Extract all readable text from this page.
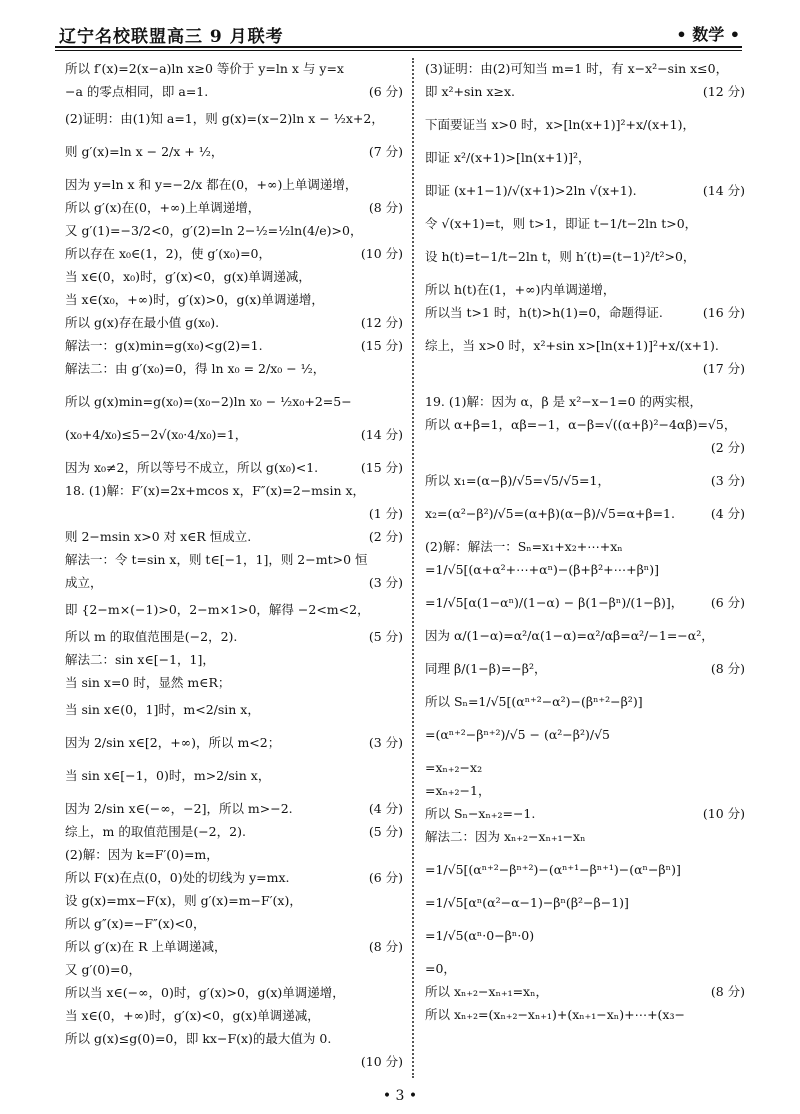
辽宁名校联盟高三 9 月联考	• 数学 •
所以 f′(x)=2(x−a)ln x≥0 等价于 y=ln x 与 y=x
−a 的零点相同，即 a=1.	(6 分)
(2)证明：由(1)知 a=1，则 g(x)=(x−2)ln x − ½x+2，
则 g′(x)=ln x − 2/x + ½，	(7 分)
因为 y=ln x 和 y=−2/x 都在(0，+∞)上单调递增，
所以 g′(x)在(0，+∞)上单调递增，	(8 分)
又 g′(1)=−3/2<0，g′(2)=ln 2−½=½ln(4/e)>0，
所以存在 x₀∈(1，2)，使 g′(x₀)=0，	(10 分)
当 x∈(0，x₀)时，g′(x)<0，g(x)单调递减，
当 x∈(x₀，+∞)时，g′(x)>0，g(x)单调递增，
所以 g(x)存在最小值 g(x₀).	(12 分)
解法一：g(x)min=g(x₀)<g(2)=1.	(15 分)
解法二：由 g′(x₀)=0，得 ln x₀ = 2/x₀ − ½，
所以 g(x)min=g(x₀)=(x₀−2)ln x₀ − ½x₀+2=5−
(x₀+4/x₀)≤5−2√(x₀·4/x₀)=1，	(14 分)
因为 x₀≠2，所以等号不成立，所以 g(x₀)<1.	(15 分)
18. (1)解：F′(x)=2x+mcos x，F″(x)=2−msin x，
(1 分)
则 2−msin x>0 对 x∈R 恒成立.	(2 分)
解法一：令 t=sin x，则 t∈[−1，1]，则 2−mt>0 恒
成立，	(3 分)
即 {2−m×(−1)>0，2−m×1>0，解得 −2<m<2，
所以 m 的取值范围是(−2，2).	(5 分)
解法二：sin x∈[−1，1]，
当 sin x=0 时，显然 m∈R；
当 sin x∈(0，1]时，m<2/sin x，
因为 2/sin x∈[2，+∞)，所以 m<2；	(3 分)
当 sin x∈[−1，0)时，m>2/sin x，
因为 2/sin x∈(−∞，−2]，所以 m>−2.	(4 分)
综上，m 的取值范围是(−2，2).	(5 分)
(2)解：因为 k=F′(0)=m，
所以 F(x)在点(0，0)处的切线为 y=mx.	(6 分)
设 g(x)=mx−F(x)，则 g′(x)=m−F′(x)，
所以 g″(x)=−F″(x)<0，
所以 g′(x)在 R 上单调递减，	(8 分)
又 g′(0)=0，
所以当 x∈(−∞，0)时，g′(x)>0，g(x)单调递增，
当 x∈(0，+∞)时，g′(x)<0，g(x)单调递减，
所以 g(x)≤g(0)=0，即 kx−F(x)的最大值为 0.
(10 分)
(3)证明：由(2)可知当 m=1 时，有 x−x²−sin x≤0，
即 x²+sin x≥x.	(12 分)
下面要证当 x>0 时，x>[ln(x+1)]²+x/(x+1)，
即证 x²/(x+1)>[ln(x+1)]²，
即证 (x+1−1)/√(x+1)>2ln √(x+1).	(14 分)
令 √(x+1)=t，则 t>1，即证 t−1/t−2ln t>0，
设 h(t)=t−1/t−2ln t，则 h′(t)=(t−1)²/t²>0，
所以 h(t)在(1，+∞)内单调递增，
所以当 t>1 时，h(t)>h(1)=0，命题得证.	(16 分)
综上，当 x>0 时，x²+sin x>[ln(x+1)]²+x/(x+1).
(17 分)
19. (1)解：因为 α，β 是 x²−x−1=0 的两实根，
所以 α+β=1，αβ=−1，α−β=√((α+β)²−4αβ)=√5，
(2 分)
所以 x₁=(α−β)/√5=√5/√5=1，	(3 分)
x₂=(α²−β²)/√5=(α+β)(α−β)/√5=α+β=1.	(4 分)
(2)解：解法一：Sₙ=x₁+x₂+⋯+xₙ
=1/√5[(α+α²+⋯+αⁿ)−(β+β²+⋯+βⁿ)]
=1/√5[α(1−αⁿ)/(1−α) − β(1−βⁿ)/(1−β)]， (6 分)
因为 α/(1−α)=α²/α(1−α)=α²/αβ=α²/−1=−α²，
同理 β/(1−β)=−β²，	(8 分)
所以 Sₙ=1/√5[(αⁿ⁺²−α²)−(βⁿ⁺²−β²)]
=(αⁿ⁺²−βⁿ⁺²)/√5 − (α²−β²)/√5
=xₙ₊₂−x₂
=xₙ₊₂−1，
所以 Sₙ−xₙ₊₂=−1.	(10 分)
解法二：因为 xₙ₊₂−xₙ₊₁−xₙ
=1/√5[(αⁿ⁺²−βⁿ⁺²)−(αⁿ⁺¹−βⁿ⁺¹)−(αⁿ−βⁿ)]
=1/√5[αⁿ(α²−α−1)−βⁿ(β²−β−1)]
=1/√5(αⁿ·0−βⁿ·0)
=0，
所以 xₙ₊₂−xₙ₊₁=xₙ，	(8 分)
所以 xₙ₊₂=(xₙ₊₂−xₙ₊₁)+(xₙ₊₁−xₙ)+⋯+(x₃−
• 3 •
